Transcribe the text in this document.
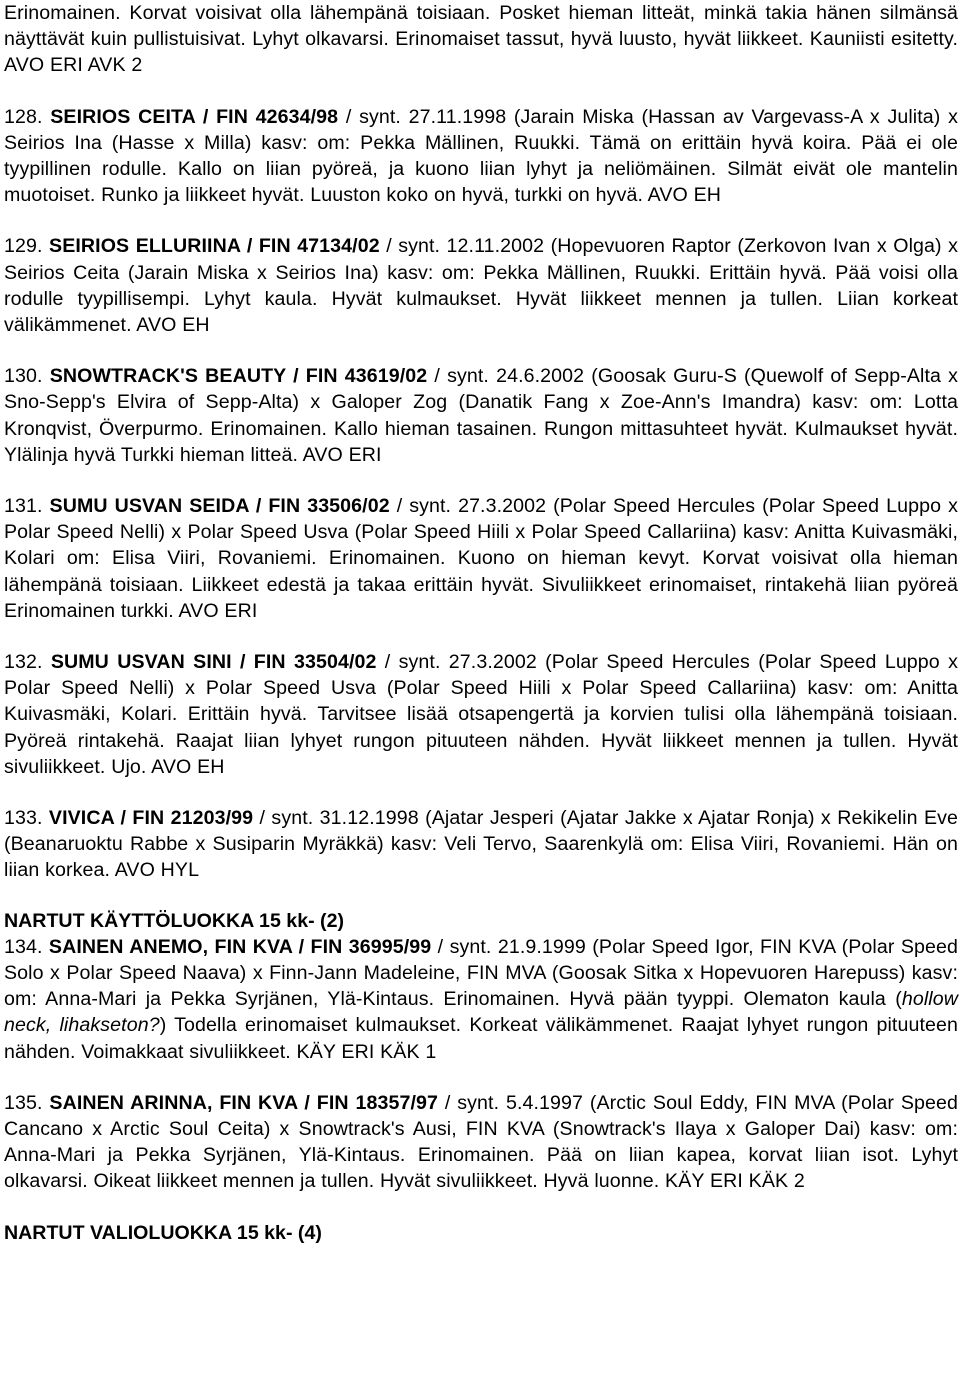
Erinomainen. Korvat voisivat olla lähempänä toisiaan. Posket hieman litteät, minkä takia hänen silmänsä näyttävät kuin pullistuisivat. Lyhyt olkavarsi. Erinomaiset tassut, hyvä luusto, hyvät liikkeet. Kauniisti esitetty. AVO ERI AVK 2

128. SEIRIOS CEITA / FIN 42634/98 / synt. 27.11.1998 (Jarain Miska (Hassan av Vargevass-A x Julita) x Seirios Ina (Hasse x Milla) kasv: om: Pekka Mällinen, Ruukki. Tämä on erittäin hyvä koira. Pää ei ole tyypillinen rodulle. Kallo on liian pyöreä, ja kuono liian lyhyt ja neliömäinen. Silmät eivät ole mantelin muotoiset. Runko ja liikkeet hyvät. Luuston koko on hyvä, turkki on hyvä. AVO EH

129. SEIRIOS ELLURIINA / FIN 47134/02 / synt. 12.11.2002 (Hopevuoren Raptor (Zerkovon Ivan x Olga) x Seirios Ceita (Jarain Miska x Seirios Ina) kasv: om: Pekka Mällinen, Ruukki. Erittäin hyvä. Pää voisi olla rodulle tyypillisempi. Lyhyt kaula. Hyvät kulmaukset. Hyvät liikkeet mennen ja tullen. Liian korkeat välikämmenet. AVO EH

130. SNOWTRACK'S BEAUTY / FIN 43619/02 / synt. 24.6.2002 (Goosak Guru-S (Quewolf of Sepp-Alta x Sno-Sepp's Elvira of Sepp-Alta) x Galoper Zog (Danatik Fang x Zoe-Ann's Imandra) kasv: om: Lotta Kronqvist, Överpurmo. Erinomainen. Kallo hieman tasainen. Rungon mittasuhteet hyvät. Kulmaukset hyvät. Ylälinja hyvä Turkki hieman litteä. AVO ERI

131. SUMU USVAN SEIDA / FIN 33506/02 / synt. 27.3.2002 (Polar Speed Hercules (Polar Speed Luppo x Polar Speed Nelli) x Polar Speed Usva (Polar Speed Hiili x Polar Speed Callariina) kasv: Anitta Kuivasmäki, Kolari om: Elisa Viiri, Rovaniemi. Erinomainen. Kuono on hieman kevyt. Korvat voisivat olla hieman lähempänä toisiaan. Liikkeet edestä ja takaa erittäin hyvät. Sivuliikkeet erinomaiset, rintakehä liian pyöreä Erinomainen turkki. AVO ERI

132. SUMU USVAN SINI / FIN 33504/02 / synt. 27.3.2002 (Polar Speed Hercules (Polar Speed Luppo x Polar Speed Nelli) x Polar Speed Usva (Polar Speed Hiili x Polar Speed Callariina) kasv: om: Anitta Kuivasmäki, Kolari. Erittäin hyvä. Tarvitsee lisää otsapengertä ja korvien tulisi olla lähempänä toisiaan. Pyöreä rintakehä. Raajat liian lyhyet rungon pituuteen nähden. Hyvät liikkeet mennen ja tullen. Hyvät sivuliikkeet. Ujo. AVO EH

133. VIVICA / FIN 21203/99 / synt. 31.12.1998 (Ajatar Jesperi (Ajatar Jakke x Ajatar Ronja) x Rekikelin Eve (Beanaruoktu Rabbe x Susiparin Myräkkä) kasv: Veli Tervo, Saarenkylä om: Elisa Viiri, Rovaniemi. Hän on liian korkea. AVO HYL

NARTUT KÄYTTÖLUOKKA 15 kk- (2)

134. SAINEN ANEMO, FIN KVA / FIN 36995/99 / synt. 21.9.1999 (Polar Speed Igor, FIN KVA (Polar Speed Solo x Polar Speed Naava) x Finn-Jann Madeleine, FIN MVA (Goosak Sitka x Hopevuoren Harepuss) kasv: om: Anna-Mari ja Pekka Syrjänen, Ylä-Kintaus. Erinomainen. Hyvä pään tyyppi. Olematon kaula (hollow neck, lihakseton?) Todella erinomaiset kulmaukset. Korkeat välikämmenet. Raajat lyhyet rungon pituuteen nähden. Voimakkaat sivuliikkeet. KÄY ERI KÄK 1

135. SAINEN ARINNA, FIN KVA / FIN 18357/97 / synt. 5.4.1997 (Arctic Soul Eddy, FIN MVA (Polar Speed Cancano x Arctic Soul Ceita) x Snowtrack's Ausi, FIN KVA (Snowtrack's Ilaya x Galoper Dai) kasv: om: Anna-Mari ja Pekka Syrjänen, Ylä-Kintaus. Erinomainen. Pää on liian kapea, korvat liian isot. Lyhyt olkavarsi. Oikeat liikkeet mennen ja tullen. Hyvät sivuliikkeet. Hyvä luonne. KÄY ERI KÄK 2

NARTUT VALIOLUOKKA 15 kk- (4)
